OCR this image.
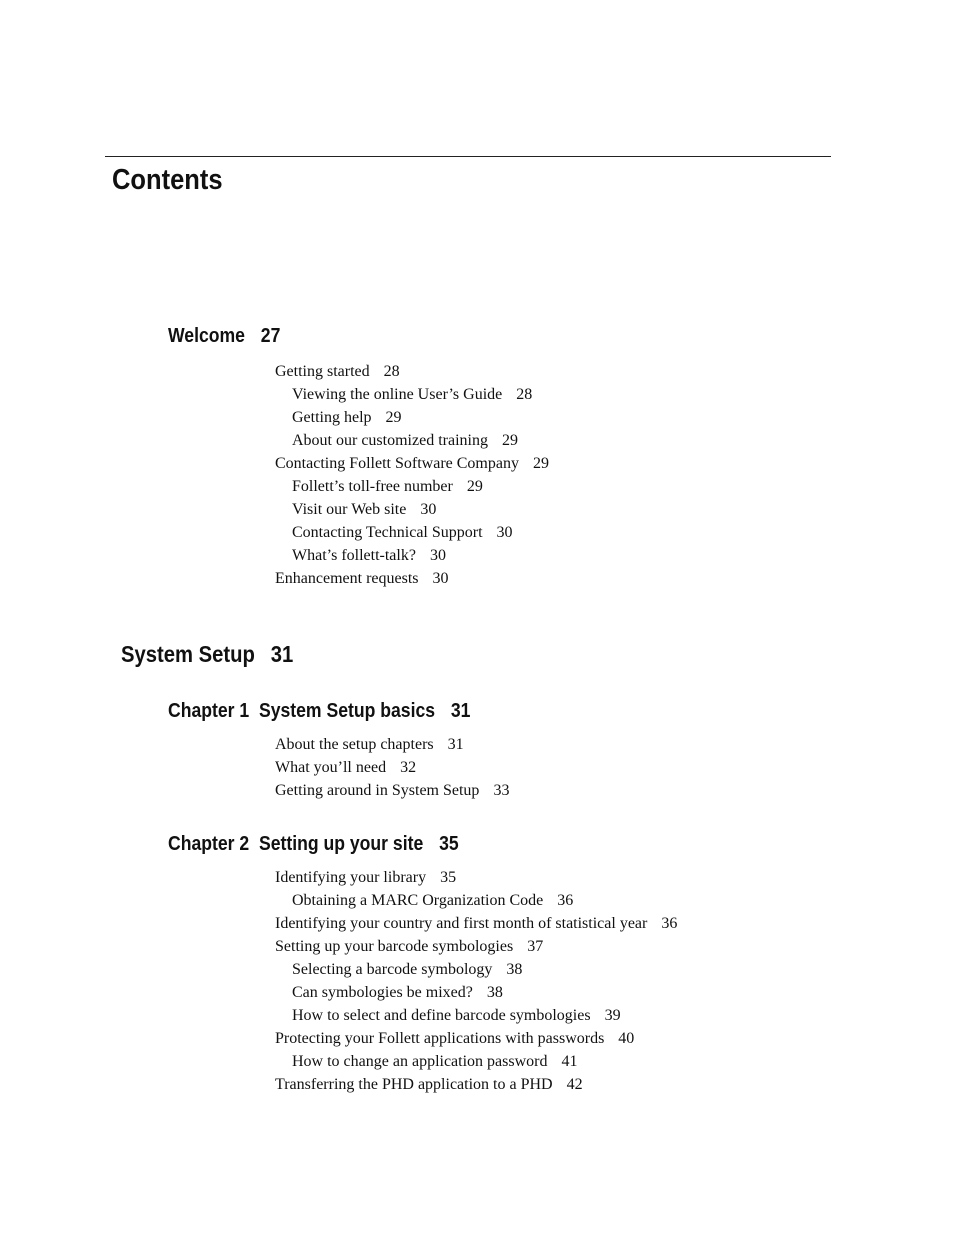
Contents
Welcome 27
Getting started 28
Viewing the online User’s Guide 28
Getting help 29
About our customized training 29
Contacting Follett Software Company 29
Follett’s toll-free number 29
Visit our Web site 30
Contacting Technical Support 30
What’s follett-talk? 30
Enhancement requests 30
System Setup 31
Chapter 1  System Setup basics 31
About the setup chapters 31
What you’ll need 32
Getting around in System Setup 33
Chapter 2  Setting up your site 35
Identifying your library 35
Obtaining a MARC Organization Code 36
Identifying your country and first month of statistical year 36
Setting up your barcode symbologies 37
Selecting a barcode symbology 38
Can symbologies be mixed? 38
How to select and define barcode symbologies 39
Protecting your Follett applications with passwords 40
How to change an application password 41
Transferring the PHD application to a PHD 42
